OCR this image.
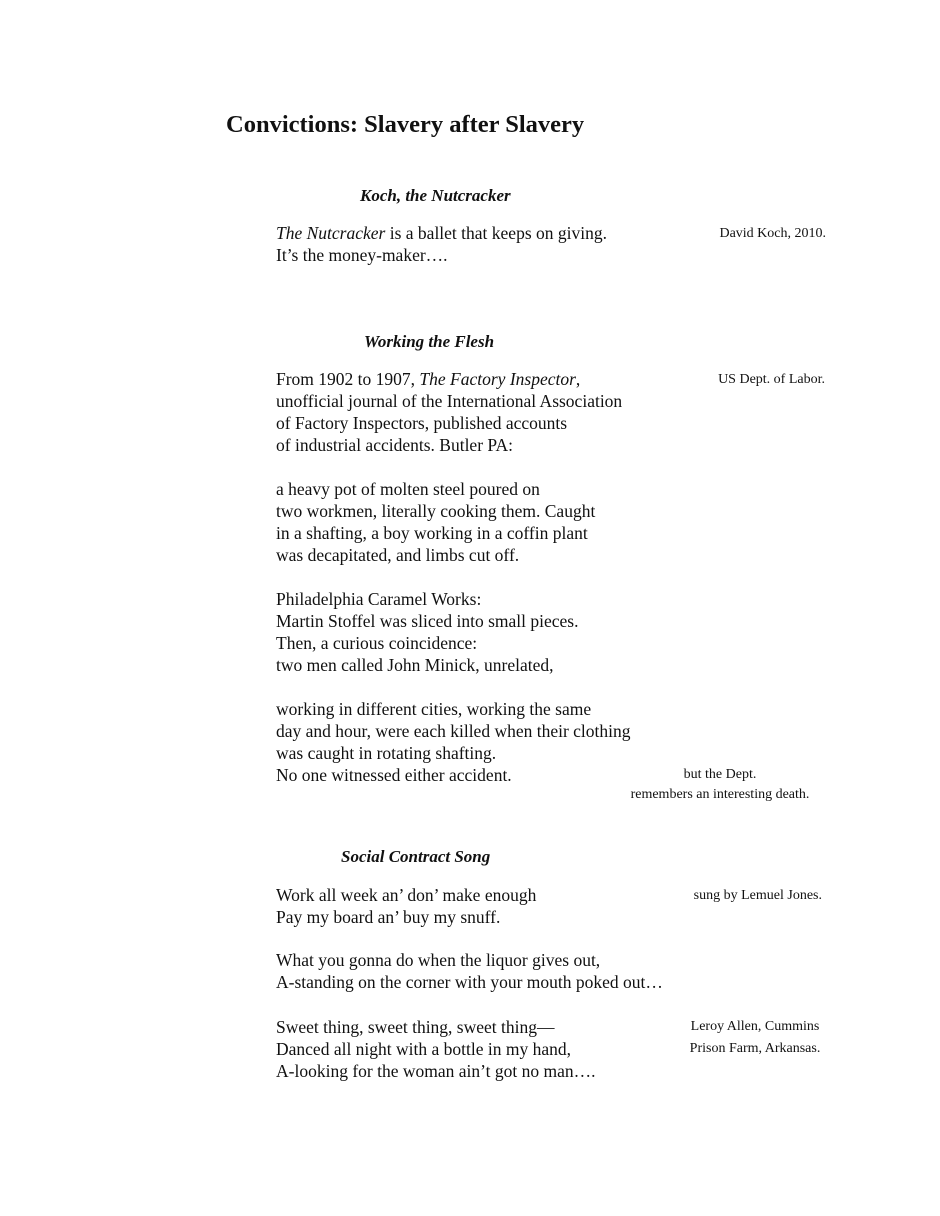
Convictions: Slavery after Slavery
Koch, the Nutcracker
The Nutcracker is a ballet that keeps on giving.
It’s the money-maker….
David Koch, 2010.
Working the Flesh
From 1902 to 1907, The Factory Inspector,
unofficial journal of the International Association
of Factory Inspectors, published accounts
of industrial accidents. Butler PA:
US Dept. of Labor.
a heavy pot of molten steel poured on
two workmen, literally cooking them. Caught
in a shafting, a boy working in a coffin plant
was decapitated, and limbs cut off.
Philadelphia Caramel Works:
Martin Stoffel was sliced into small pieces.
Then, a curious coincidence:
two men called John Minick, unrelated,
working in different cities, working the same
day and hour, were each killed when their clothing
was caught in rotating shafting.
No one witnessed either accident.	but the Dept.
remembers an interesting death.
Social Contract Song
Work all week an’ don’ make enough
Pay my board an’ buy my snuff.
sung by Lemuel Jones.
What you gonna do when the liquor gives out,
A-standing on the corner with your mouth poked out…
Sweet thing, sweet thing, sweet thing—
Danced all night with a bottle in my hand,
A-looking for the woman ain’t got no man….
Leroy Allen, Cummins
Prison Farm, Arkansas.
